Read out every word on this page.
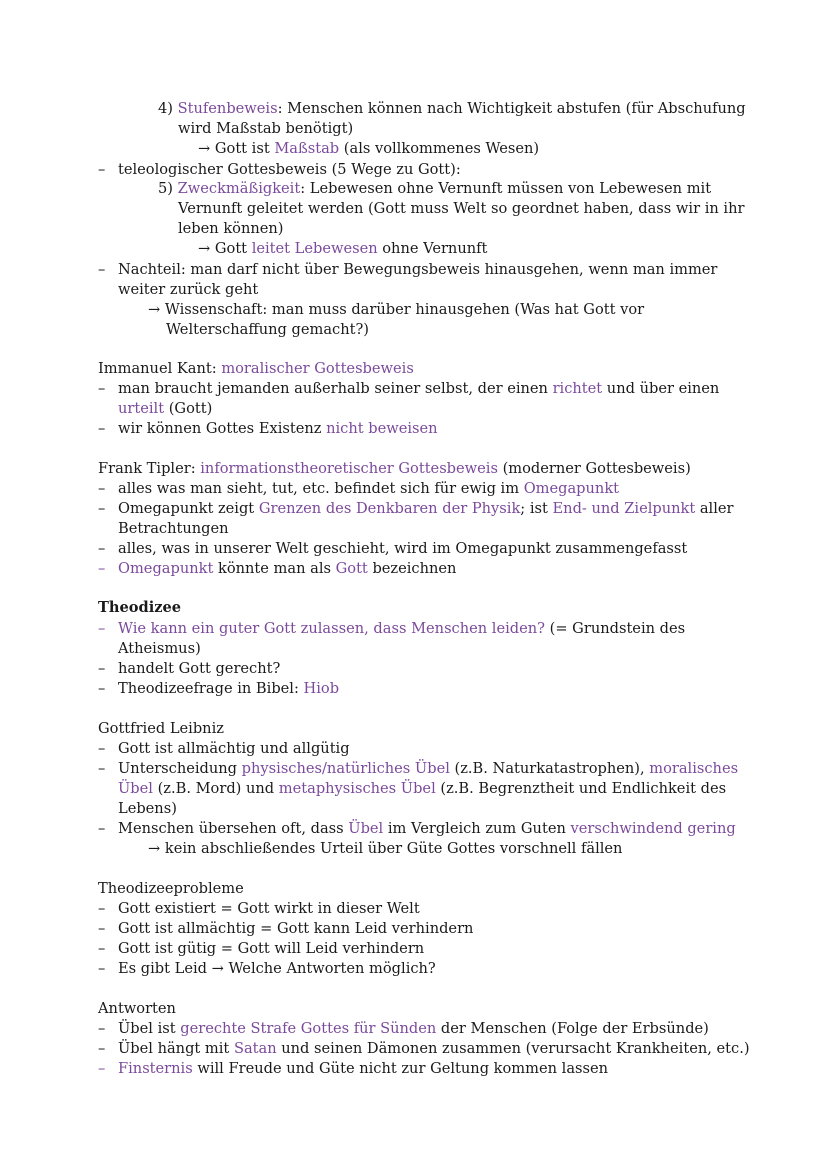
4) Stufenbeweis: Menschen können nach Wichtigkeit abstufen (für Abschufung
wird Maßstab benötigt)
→ Gott ist Maßstab (als vollkommenes Wesen)
– teleologischer Gottesbeweis (5 Wege zu Gott):
5) Zweckmäßigkeit: Lebewesen ohne Vernunft müssen von Lebewesen mit
Vernunft geleitet werden (Gott muss Welt so geordnet haben, dass wir in ihr
leben können)
→ Gott leitet Lebewesen ohne Vernunft
– Nachteil: man darf nicht über Bewegungsbeweis hinausgehen, wenn man immer
weiter zurück geht
→ Wissenschaft: man muss darüber hinausgehen (Was hat Gott vor
Welterschaffung gemacht?)
Immanuel Kant: moralischer Gottesbeweis
– man braucht jemanden außerhalb seiner selbst, der einen richtet und über einen
urteilt (Gott)
– wir können Gottes Existenz nicht beweisen
Frank Tipler: informationstheoretischer Gottesbeweis (moderner Gottesbeweis)
– alles was man sieht, tut, etc. befindet sich für ewig im Omegapunkt
– Omegapunkt zeigt Grenzen des Denkbaren der Physik; ist End- und Zielpunkt aller
Betrachtungen
– alles, was in unserer Welt geschieht, wird im Omegapunkt zusammengefasst
– Omegapunkt könnte man als Gott bezeichnen
Theodizee
– Wie kann ein guter Gott zulassen, dass Menschen leiden? (= Grundstein des
Atheismus)
– handelt Gott gerecht?
– Theodizeefrage in Bibel: Hiob
Gottfried Leibniz
– Gott ist allmächtig und allgütig
– Unterscheidung physisches/natürliches Übel (z.B. Naturkatastrophen), moralisches
Übel (z.B. Mord) und metaphysisches Übel (z.B. Begrenztheit und Endlichkeit des
Lebens)
– Menschen übersehen oft, dass Übel im Vergleich zum Guten verschwindend gering
→ kein abschließendes Urteil über Güte Gottes vorschnell fällen
Theodizeeprobleme
– Gott existiert = Gott wirkt in dieser Welt
– Gott ist allmächtig = Gott kann Leid verhindern
– Gott ist gütig = Gott will Leid verhindern
– Es gibt Leid → Welche Antworten möglich?
Antworten
– Übel ist gerechte Strafe Gottes für Sünden der Menschen (Folge der Erbsünde)
– Übel hängt mit Satan und seinen Dämonen zusammen (verursacht Krankheiten, etc.)
– Finsternis will Freude und Güte nicht zur Geltung kommen lassen
